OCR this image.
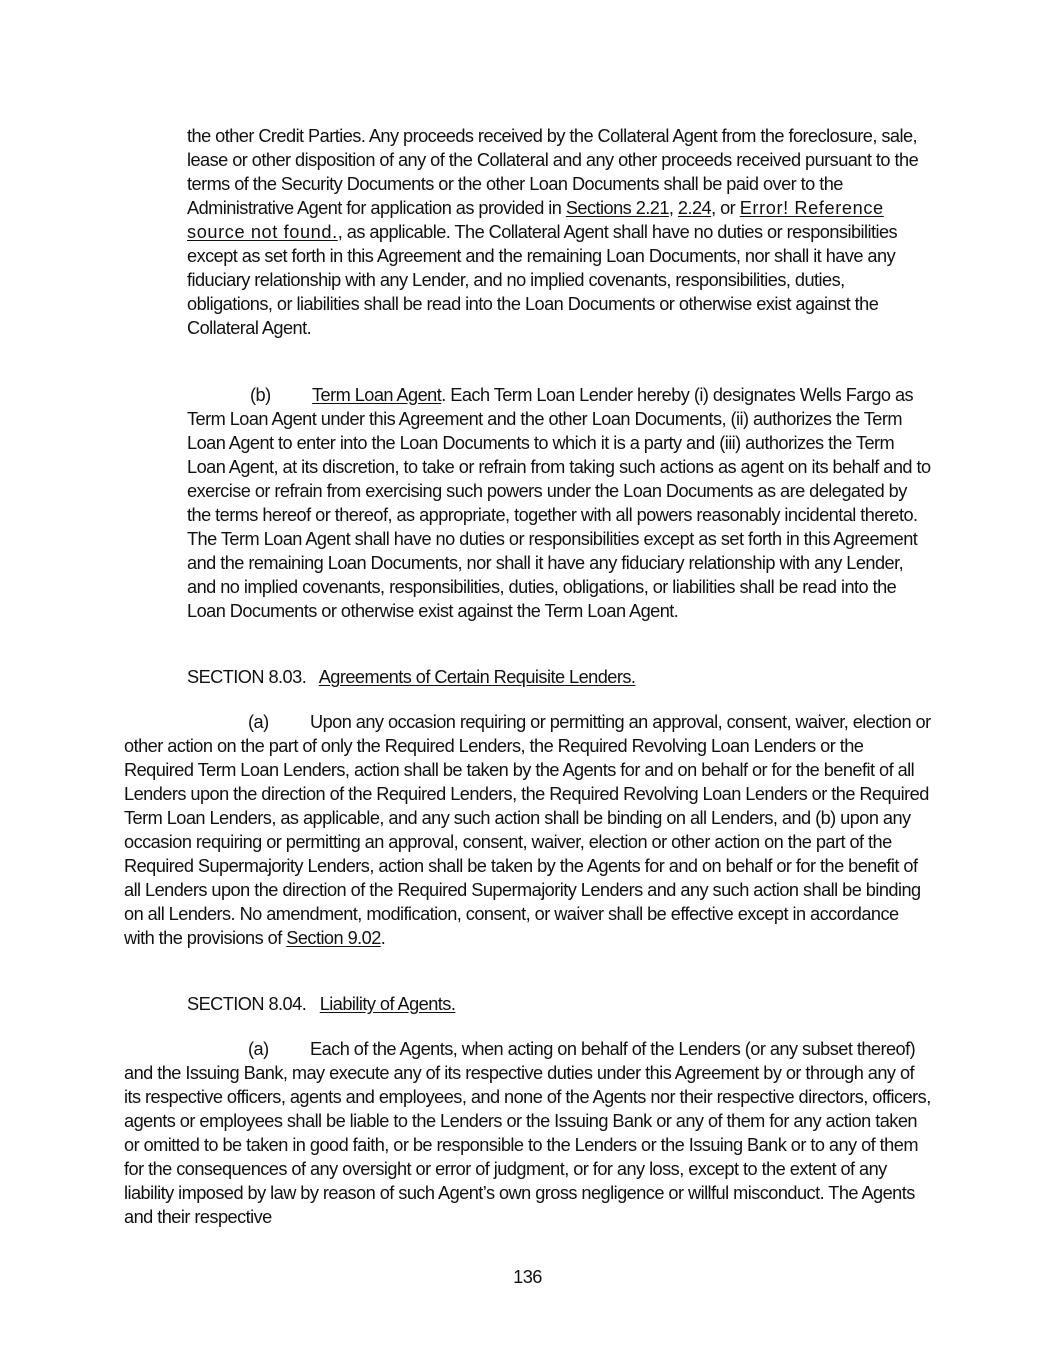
the other Credit Parties. Any proceeds received by the Collateral Agent from the foreclosure, sale, lease or other disposition of any of the Collateral and any other proceeds received pursuant to the terms of the Security Documents or the other Loan Documents shall be paid over to the Administrative Agent for application as provided in Sections 2.21, 2.24, or Error! Reference source not found., as applicable. The Collateral Agent shall have no duties or responsibilities except as set forth in this Agreement and the remaining Loan Documents, nor shall it have any fiduciary relationship with any Lender, and no implied covenants, responsibilities, duties, obligations, or liabilities shall be read into the Loan Documents or otherwise exist against the Collateral Agent.

(b) Term Loan Agent. Each Term Loan Lender hereby (i) designates Wells Fargo as Term Loan Agent under this Agreement and the other Loan Documents, (ii) authorizes the Term Loan Agent to enter into the Loan Documents to which it is a party and (iii) authorizes the Term Loan Agent, at its discretion, to take or refrain from taking such actions as agent on its behalf and to exercise or refrain from exercising such powers under the Loan Documents as are delegated by the terms hereof or thereof, as appropriate, together with all powers reasonably incidental thereto. The Term Loan Agent shall have no duties or responsibilities except as set forth in this Agreement and the remaining Loan Documents, nor shall it have any fiduciary relationship with any Lender, and no implied covenants, responsibilities, duties, obligations, or liabilities shall be read into the Loan Documents or otherwise exist against the Term Loan Agent.

SECTION 8.03. Agreements of Certain Requisite Lenders.

(a) Upon any occasion requiring or permitting an approval, consent, waiver, election or other action on the part of only the Required Lenders, the Required Revolving Loan Lenders or the Required Term Loan Lenders, action shall be taken by the Agents for and on behalf or for the benefit of all Lenders upon the direction of the Required Lenders, the Required Revolving Loan Lenders or the Required Term Loan Lenders, as applicable, and any such action shall be binding on all Lenders, and (b) upon any occasion requiring or permitting an approval, consent, waiver, election or other action on the part of the Required Supermajority Lenders, action shall be taken by the Agents for and on behalf or for the benefit of all Lenders upon the direction of the Required Supermajority Lenders and any such action shall be binding on all Lenders. No amendment, modification, consent, or waiver shall be effective except in accordance with the provisions of Section 9.02.

SECTION 8.04. Liability of Agents.

(a) Each of the Agents, when acting on behalf of the Lenders (or any subset thereof) and the Issuing Bank, may execute any of its respective duties under this Agreement by or through any of its respective officers, agents and employees, and none of the Agents nor their respective directors, officers, agents or employees shall be liable to the Lenders or the Issuing Bank or any of them for any action taken or omitted to be taken in good faith, or be responsible to the Lenders or the Issuing Bank or to any of them for the consequences of any oversight or error of judgment, or for any loss, except to the extent of any liability imposed by law by reason of such Agent’s own gross negligence or willful misconduct. The Agents and their respective

136
